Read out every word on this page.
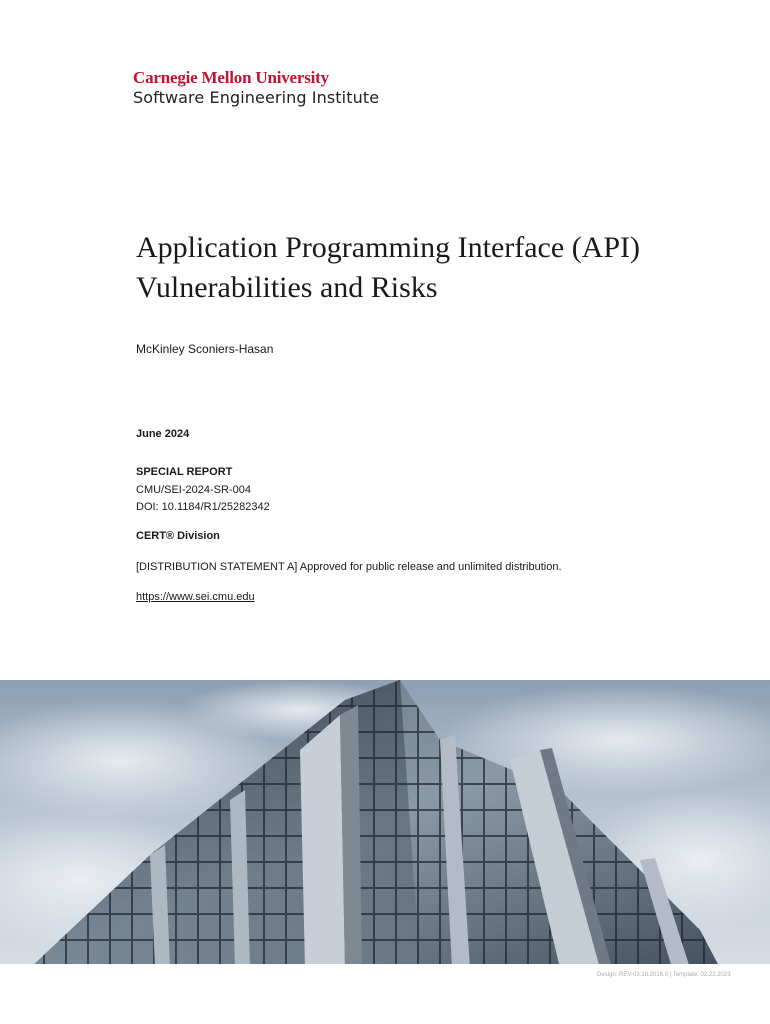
Carnegie Mellon University
Software Engineering Institute
Application Programming Interface (API)
Vulnerabilities and Risks
McKinley Sconiers-Hasan
June 2024
SPECIAL REPORT
CMU/SEI-2024-SR-004
DOI: 10.1184/R1/25282342
CERT® Division
[DISTRIBUTION STATEMENT A] Approved for public release and unlimited distribution.
https://www.sei.cmu.edu
Design: REV-03.18.2016.0 | Template: 02.22.2023
